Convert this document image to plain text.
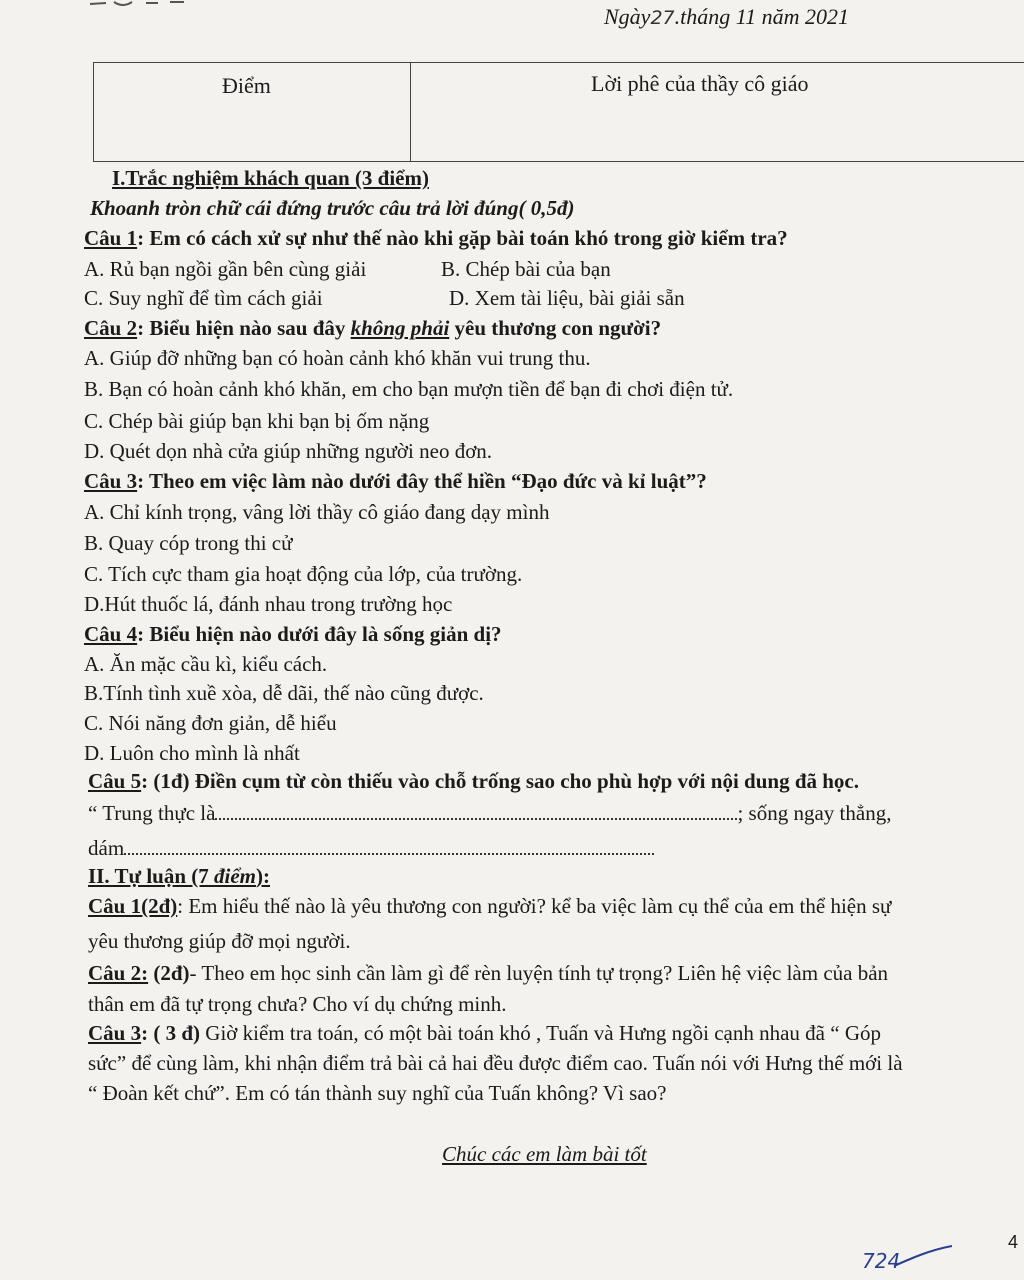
Ngày27.tháng 11 năm 2021
Điểm	Lời phê của thầy cô giáo
I.Trắc nghiệm khách quan (3 điểm)
Khoanh tròn chữ cái đứng trước câu trả lời đúng( 0,5đ)
Câu 1: Em có cách xử sự như thế nào khi gặp bài toán khó trong giờ kiểm tra?
A. Rủ bạn ngồi gần bên cùng giải	B. Chép bài của bạn
C. Suy nghĩ để tìm cách giải	D. Xem tài liệu, bài giải sẵn
Câu 2: Biểu hiện nào sau đây không phải yêu thương con người?
A. Giúp đỡ những bạn có hoàn cảnh khó khăn vui trung thu.
B. Bạn có hoàn cảnh khó khăn, em cho bạn mượn tiền để bạn đi chơi điện tử.
C. Chép bài giúp bạn khi bạn bị ốm nặng
D. Quét dọn nhà cửa giúp những người neo đơn.
Câu 3: Theo em việc làm nào dưới đây thể hiền “Đạo đức và kỉ luật”?
A. Chỉ kính trọng, vâng lời thầy cô giáo đang dạy mình
B. Quay cóp trong thi cử
C. Tích cực tham gia hoạt động của lớp, của trường.
D.Hút thuốc lá, đánh nhau trong trường học
Câu 4: Biểu hiện nào dưới đây là sống giản dị?
A. Ăn mặc cầu kì, kiểu cách.
B.Tính tình xuề xòa, dễ dãi, thế nào cũng được.
C. Nói năng đơn giản, dễ hiểu
D. Luôn cho mình là nhất
Câu 5: (1đ) Điền cụm từ còn thiếu vào chỗ trống sao cho phù hợp với nội dung đã học.
“ Trung thực là	; sống ngay thẳng,
dám
II. Tự luận (7 điểm):
Câu 1(2đ): Em hiểu thế nào là yêu thương con người? kể ba việc làm cụ thể của em thể hiện sự
yêu thương giúp đỡ mọi người.
Câu 2: (2đ)- Theo em học sinh cần làm gì để rèn luyện tính tự trọng? Liên hệ việc làm của bản
thân em đã tự trọng chưa? Cho ví dụ chứng minh.
Câu 3: ( 3 đ) Giờ kiểm tra toán, có một bài toán khó , Tuấn và Hưng ngồi cạnh nhau đã “ Góp
sức” để cùng làm, khi nhận điểm trả bài cả hai đều được điểm cao. Tuấn nói với Hưng thế mới là
“ Đoàn kết chứ”. Em có tán thành suy nghĩ của Tuấn không? Vì sao?
Chúc các em làm bài tốt
4
724
